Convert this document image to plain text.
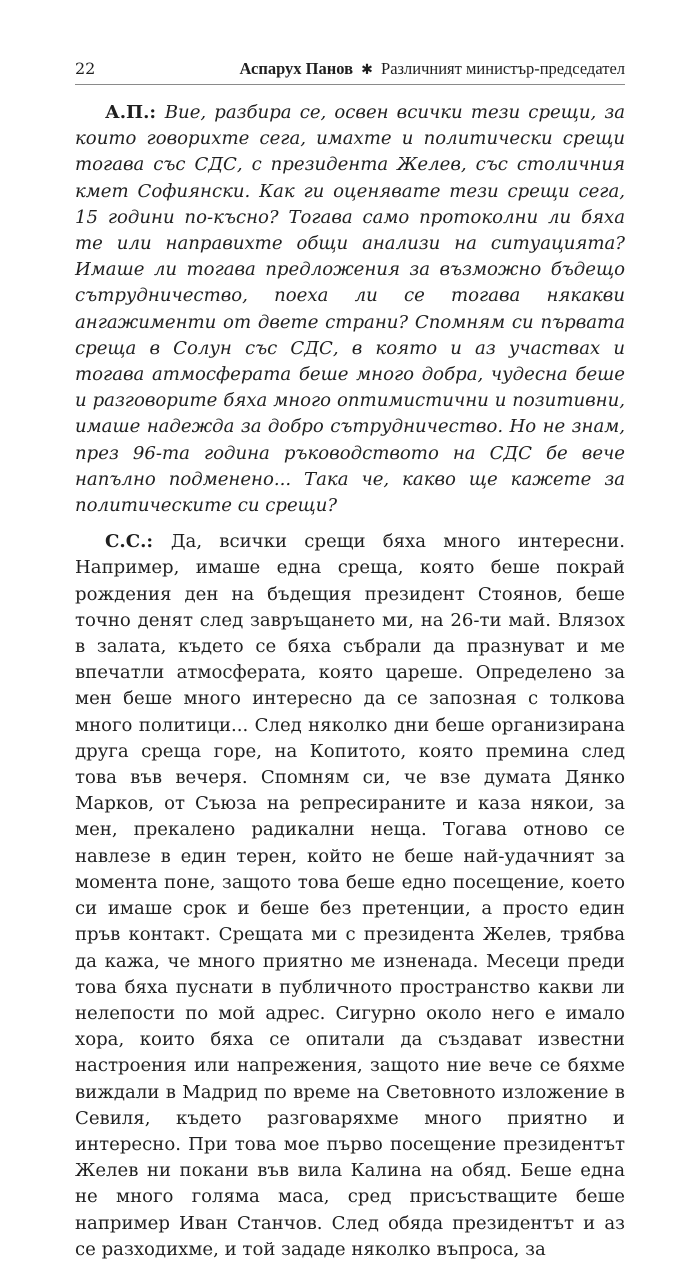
22	Аспарух Панов ✱ Различният министър-председател

А.П.: Вие, разбира се, освен всички тези срещи, за които говорихте сега, имахте и политически срещи тогава със СДС, с президента Желев, със столичния кмет Софиянски. Как ги оценявате тези срещи сега, 15 години по-късно? Тогава само протоколни ли бяха те или направихте общи анализи на ситуацията? Имаше ли тогава предложения за възможно бъдещо сътрудничество, поеха ли се тогава някакви ангажименти от двете страни? Спомням си първата среща в Солун със СДС, в която и аз участвах и тогава атмосферата беше много добра, чудесна беше и разговорите бяха много оптимистични и позитивни, имаше надежда за добро сътрудничество. Но не знам, през 96-та година ръководството на СДС бе вече напълно подменено... Така че, какво ще кажете за политическите си срещи?

С.С.: Да, всички срещи бяха много интересни. Например, имаше една среща, която беше покрай рождения ден на бъдещия президент Стоянов, беше точно денят след завръщането ми, на 26-ти май. Влязох в залата, където се бяха събрали да празнуват и ме впечатли атмосферата, която цареше. Определено за мен беше много интересно да се запозная с толкова много политици... След няколко дни беше организирана друга среща горе, на Копитото, която премина след това във вечеря. Спомням си, че взе думата Дянко Марков, от Съюза на репресираните и каза някои, за мен, прекалено радикални неща. Тогава отново се навлезе в един терен, който не беше най-удачният за момента поне, защото това беше едно посещение, което си имаше срок и беше без претенции, а просто един пръв контакт. Срещата ми с президента Желев, трябва да кажа, че много приятно ме изненада. Месеци преди това бяха пуснати в публичното пространство какви ли нелепости по мой адрес. Сигурно около него е имало хора, които бяха се опитали да създават известни настроения или напрежения, защото ние вече се бяхме виждали в Мадрид по време на Световното изложение в Севиля, където разговаряхме много приятно и интересно. При това мое първо посещение президентът Желев ни покани във вила Калина на обяд. Беше една не много голяма маса, сред присъстващите беше например Иван Станчов. След обяда президентът и аз се разходихме, и той зададе няколко въпроса, за
